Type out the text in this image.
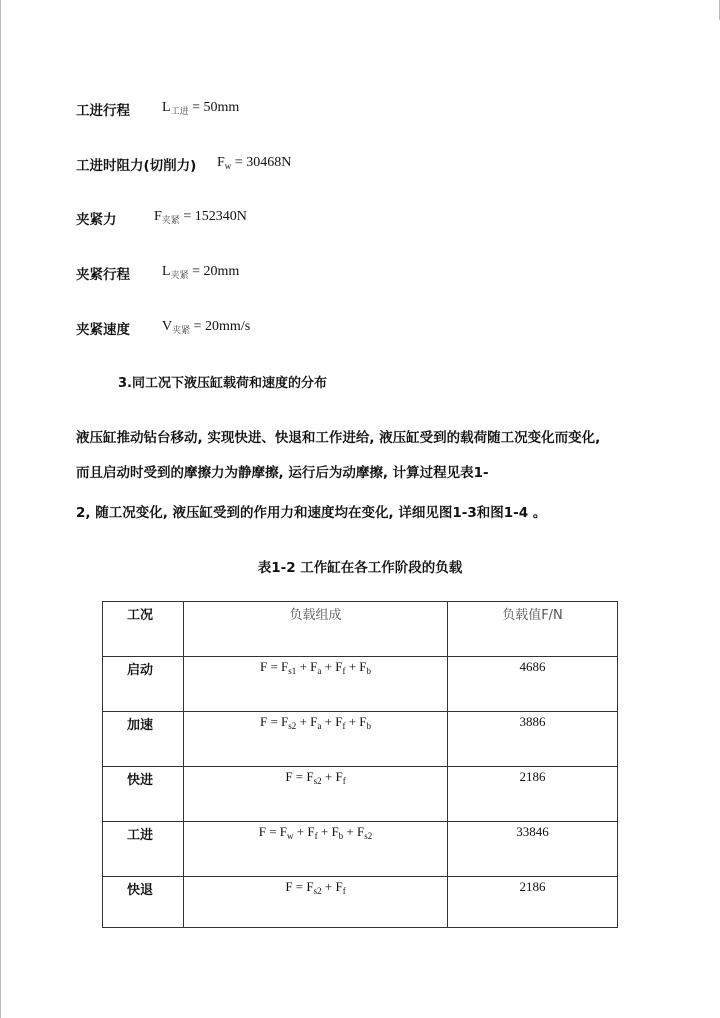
工进行程 $L_{工进} = 50mm$
工进时阻力(切削力) $F_w = 30468N$
夹紧力	$F_{夹紧} = 152340N$
夹紧行程 $L_{夹紧} = 20mm$
夹紧速度 $V_{夹紧} = 20mm/s$
3.同工况下液压缸载荷和速度的分布
液压缸推动钻台移动, 实现快进、快退和工作进给, 液压缸受到的载荷随工况变化而变化,
而且启动时受到的摩擦力为静摩擦, 运行后为动摩擦, 计算过程见表1-
2, 随工况变化, 液压缸受到的作用力和速度均在变化, 详细见图1-3和图1-4 。
表1-2 工作缸在各工作阶段的负载
工况	负载组成	负载值F/N
启动	$F = F_{s1} + F_a + F_f + F_b$	4686
加速	$F = F_{s2} + F_a + F_f + F_b$	3886
快进	$F = F_{s2} + F_f$	2186
工进	$F = F_w + F_f + F_b + F_{s2}$	33846
快退	$F = F_{s2} + F_f$	2186
